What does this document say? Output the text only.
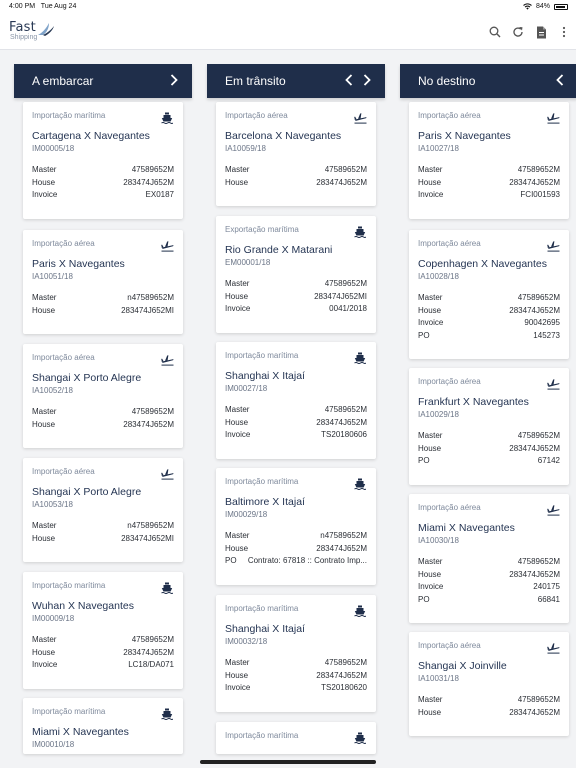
4:00 PM Tue Aug 24	84%
Fast
Shipping
A embarcar
Importação marítima
Cartagena X Navegantes
IM00005/18
Master	47589652M
House	283474J652M
Invoice	EX0187
Importação aérea
Paris X Navegantes
IA10051/18
Master	n47589652M
House	283474J652MI
Importação aérea
Shangai X Porto Alegre
IA10052/18
Master	47589652M
House	283474J652M
Importação aérea
Shangai X Porto Alegre
IA10053/18
Master	n47589652M
House	283474J652MI
Importação marítima
Wuhan X Navegantes
IM00009/18
Master	47589652M
House	283474J652M
Invoice	LC18/DA071
Importação marítima
Miami X Navegantes
IM00010/18
Em trânsito
Importação aérea
Barcelona X Navegantes
IA10059/18
Master	47589652M
House	283474J652M
Exportação marítima
Rio Grande X Matarani
EM00001/18
Master	47589652M
House	283474J652MI
Invoice	0041/2018
Importação marítima
Shanghai X Itajaí
IM00027/18
Master	47589652M
House	283474J652M
Invoice	TS20180606
Importação marítima
Baltimore X Itajaí
IM00029/18
Master	n47589652M
House	283474J652M
PO Contrato: 67818 :: Contrato Imp...
Importação marítima
Shanghai X Itajaí
IM00032/18
Master	47589652M
House	283474J652M
Invoice	TS20180620
Importação marítima
No destino
Importação aérea
Paris X Navegantes
IA10027/18
Master	47589652M
House	283474J652M
Invoice	FCI001593
Importação aérea
Copenhagen X Navegantes
IA10028/18
Master	47589652M
House	283474J652M
Invoice	90042695
PO	145273
Importação aérea
Frankfurt X Navegantes
IA10029/18
Master	47589652M
House	283474J652M
PO	67142
Importação aérea
Miami X Navegantes
IA10030/18
Master	47589652M
House	283474J652M
Invoice	240175
PO	66841
Importação aérea
Shangai X Joinville
IA10031/18
Master	47589652M
House	283474J652M
